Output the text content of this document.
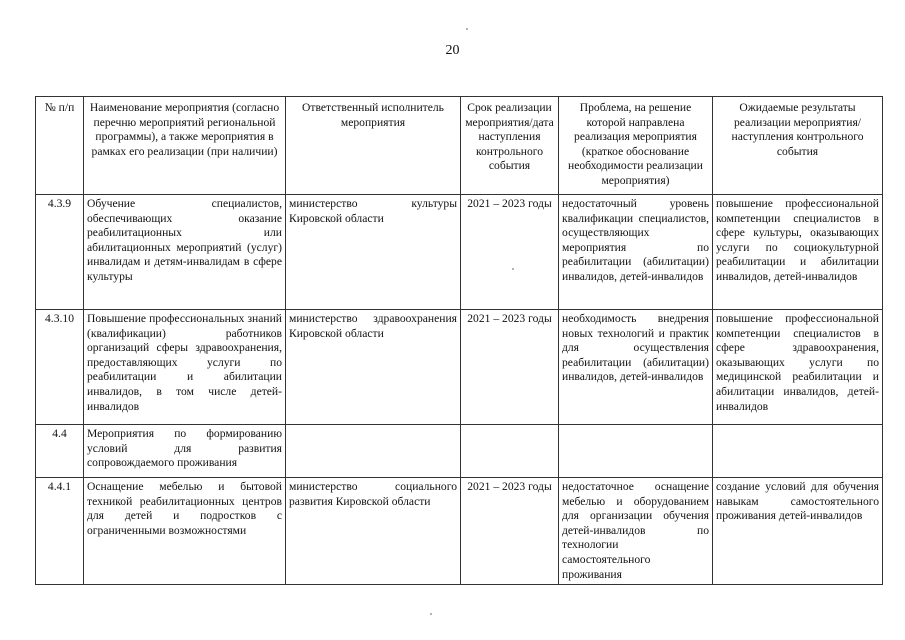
20
№ п/п	Наименование мероприятия (согласно перечню мероприятий региональной программы), а также мероприятия в рамках его реализации (при наличии)	Ответственный исполнитель мероприятия	Срок реализации мероприятия/дата наступления контрольного события	Проблема, на решение которой направлена реализация мероприятия (краткое обоснование необходимости реализации мероприятия)	Ожидаемые результаты реализации мероприятия/наступления контрольного события
4.3.9	Обучение специалистов, обеспечивающих оказание реабилитационных или абилитационных мероприятий (услуг) инвалидам и детям-инвалидам в сфере культуры	министерство культуры Кировской области	2021 – 2023 годы	недостаточный уровень квалификации специалистов, осуществляющих мероприятия по реабилитации (абилитации) инвалидов, детей-инвалидов	повышение профессиональной компетенции специалистов в сфере культуры, оказывающих услуги по социокультурной реабилитации и абилитации инвалидов, детей-инвалидов
4.3.10	Повышение профессиональных знаний (квалификации) работников организаций сферы здравоохранения, предоставляющих услуги по реабилитации и абилитации инвалидов, в том числе детей-инвалидов	министерство здравоохранения Кировской области	2021 – 2023 годы	необходимость внедрения новых технологий и практик для осуществления реабилитации (абилитации) инвалидов, детей-инвалидов	повышение профессиональной компетенции специалистов в сфере здравоохранения, оказывающих услуги по медицинской реабилитации и абилитации инвалидов, детей-инвалидов
4.4	Мероприятия по формированию условий для развития сопровождаемого проживания				
4.4.1	Оснащение мебелью и бытовой техникой реабилитационных центров для детей и подростков с ограниченными возможностями	министерство социального развития Кировской области	2021 – 2023 годы	недостаточное оснащение мебелью и оборудованием для организации обучения детей-инвалидов по технологии самостоятельного проживания	создание условий для обучения навыкам самостоятельного проживания детей-инвалидов
